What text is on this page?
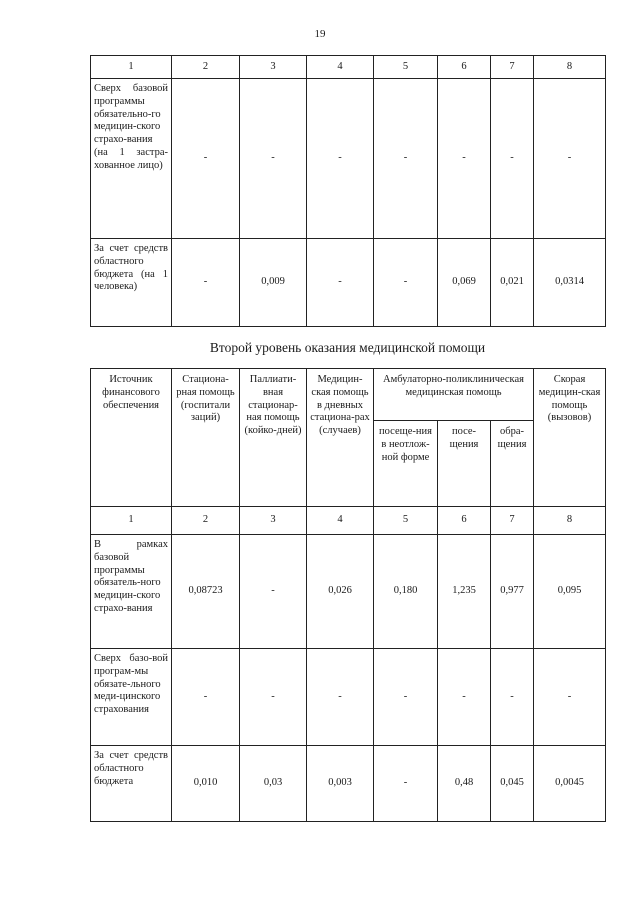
19
1	2	3	4	5	6	7	8
Сверх базовой программы обязательно-го медицин-ского страхо-вания (на 1 застра-хованное лицо)	-	-	-	-	-	-	-
За счет средств областного бюджета (на 1 человека)	-	0,009	-	-	0,069	0,021	0,0314
Второй уровень оказания медицинской помощи
Источник финансового обеспечения	Стациона-рная помощь (госпитали заций)	Паллиати-вная стационар-ная помощь (койко-дней)	Медицин-ская помощь в дневных стациона-рах (случаев)	Амбулаторно-поликлиническая медицинская помощь			Скорая медицин-ская помощь (вызовов)
				посеще-ния в неотлож-ной форме	посе-щения	обра-щения	
1	2	3	4	5	6	7	8
В рамках базовой программы обязатель-ного медицин-ского страхо-вания	0,08723	-	0,026	0,180	1,235	0,977	0,095
Сверх базо-вой програм-мы обязате-льного меди-цинского страхования	-	-	-	-	-	-	-
За счет средств областного бюджета	0,010	0,03	0,003	-	0,48	0,045	0,0045
